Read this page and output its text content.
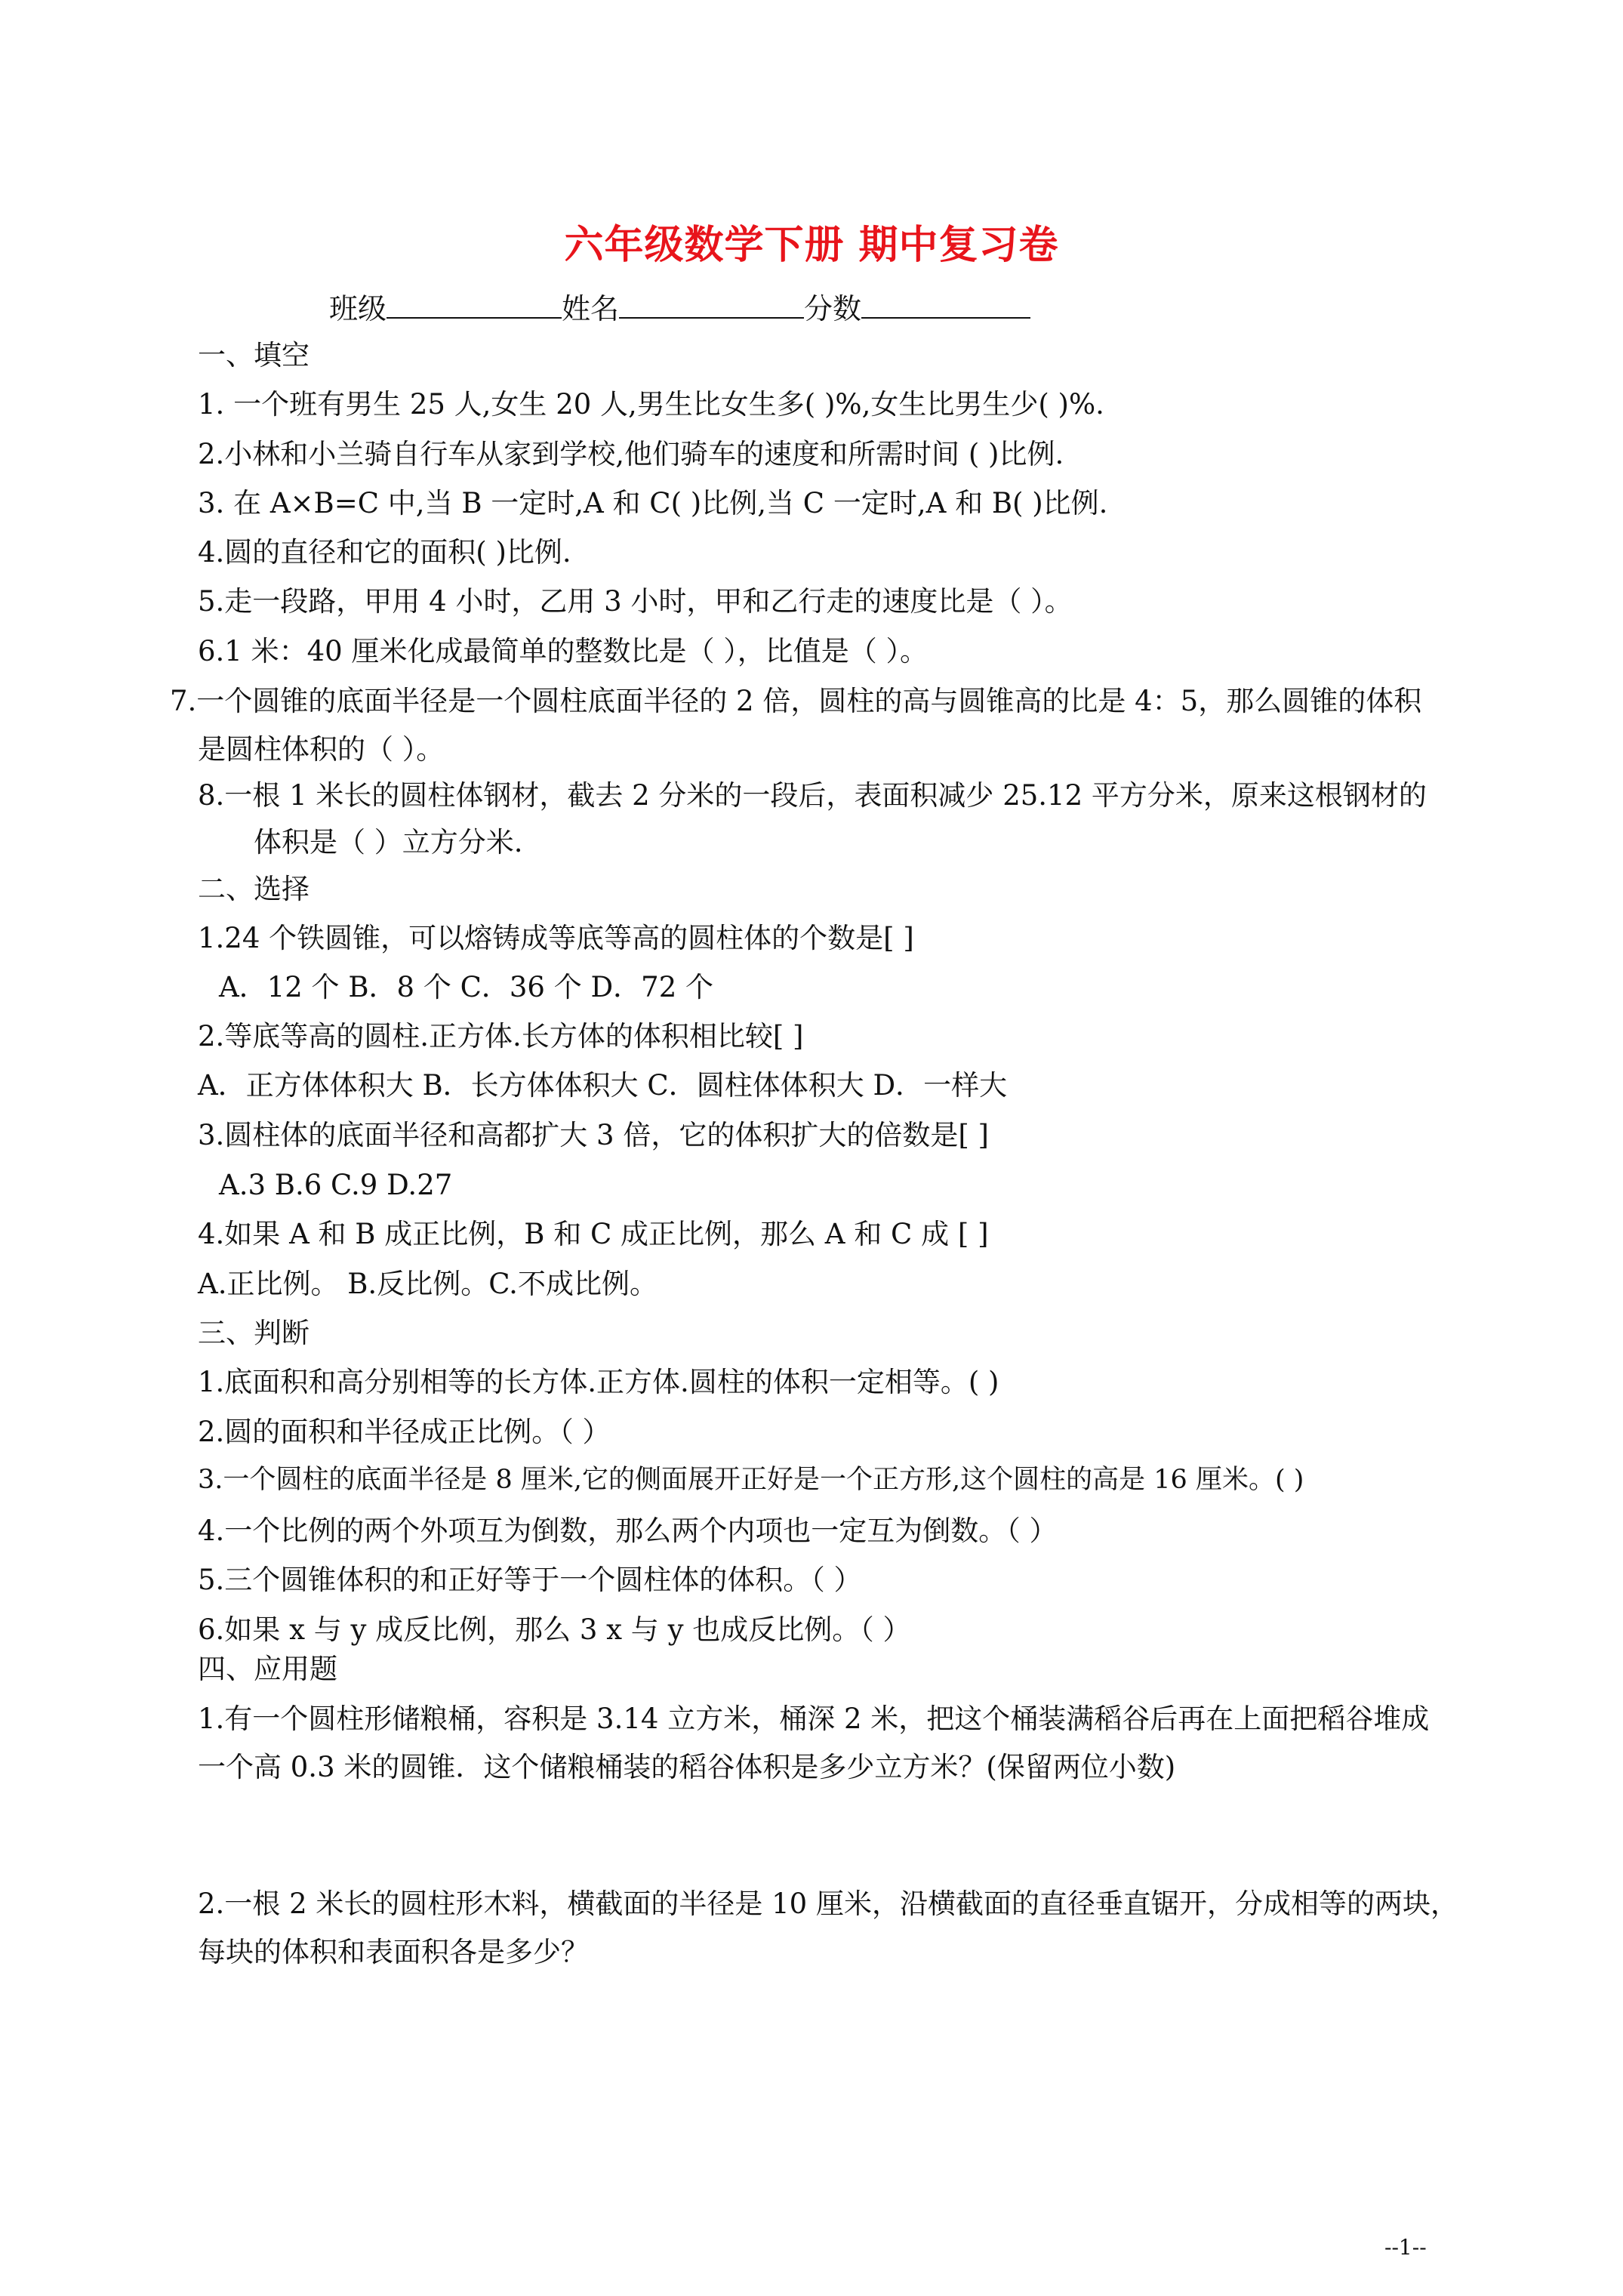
六年级数学下册 期中复习卷
班级	姓名	分数
一、填空
1. 一个班有男生 25 人,女生 20 人,男生比女生多( )%,女生比男生少( )%.
2.小林和小兰骑自行车从家到学校,他们骑车的速度和所需时间 ( )比例.
3. 在 A×B=C 中,当 B 一定时,A 和 C( )比例,当 C 一定时,A 和 B( )比例.
4.圆的直径和它的面积( )比例.
5.走一段路，甲用 4 小时，乙用 3 小时，甲和乙行走的速度比是（ ）。
6.1 米：40 厘米化成最简单的整数比是（ ），比值是（ ）。
7.一个圆锥的底面半径是一个圆柱底面半径的 2 倍，圆柱的高与圆锥高的比是 4：5，那么圆锥的体积
是圆柱体积的（ ）。
8.一根 1 米长的圆柱体钢材，截去 2 分米的一段后，表面积减少 25.12 平方分米，原来这根钢材的
体积是（ ）立方分米.
二、选择
1.24 个铁圆锥，可以熔铸成等底等高的圆柱体的个数是[ ]
A．12 个 B．8 个 C．36 个 D．72 个
2.等底等高的圆柱.正方体.长方体的体积相比较[ ]
A．正方体体积大 B．长方体体积大 C．圆柱体体积大 D．一样大
3.圆柱体的底面半径和高都扩大 3 倍，它的体积扩大的倍数是[ ]
A.3 B.6 C.9 D.27
4.如果 A 和 B 成正比例，B 和 C 成正比例，那么 A 和 C 成 [ ]
A.正比例。 B.反比例。C.不成比例。
三、判断
1.底面积和高分别相等的长方体.正方体.圆柱的体积一定相等。( )
2.圆的面积和半径成正比例。（ ）
3.一个圆柱的底面半径是 8 厘米,它的侧面展开正好是一个正方形,这个圆柱的高是 16 厘米。( )
4.一个比例的两个外项互为倒数，那么两个内项也一定互为倒数。（ ）
5.三个圆锥体积的和正好等于一个圆柱体的体积。（ ）
6.如果 x 与 y 成反比例，那么 3 x 与 y 也成反比例。（ ）
四、应用题
1.有一个圆柱形储粮桶，容积是 3.14 立方米，桶深 2 米，把这个桶装满稻谷后再在上面把稻谷堆成
一个高 0.3 米的圆锥．这个储粮桶装的稻谷体积是多少立方米？(保留两位小数)
2.一根 2 米长的圆柱形木料，横截面的半径是 10 厘米，沿横截面的直径垂直锯开，分成相等的两块，
每块的体积和表面积各是多少？
--1--
